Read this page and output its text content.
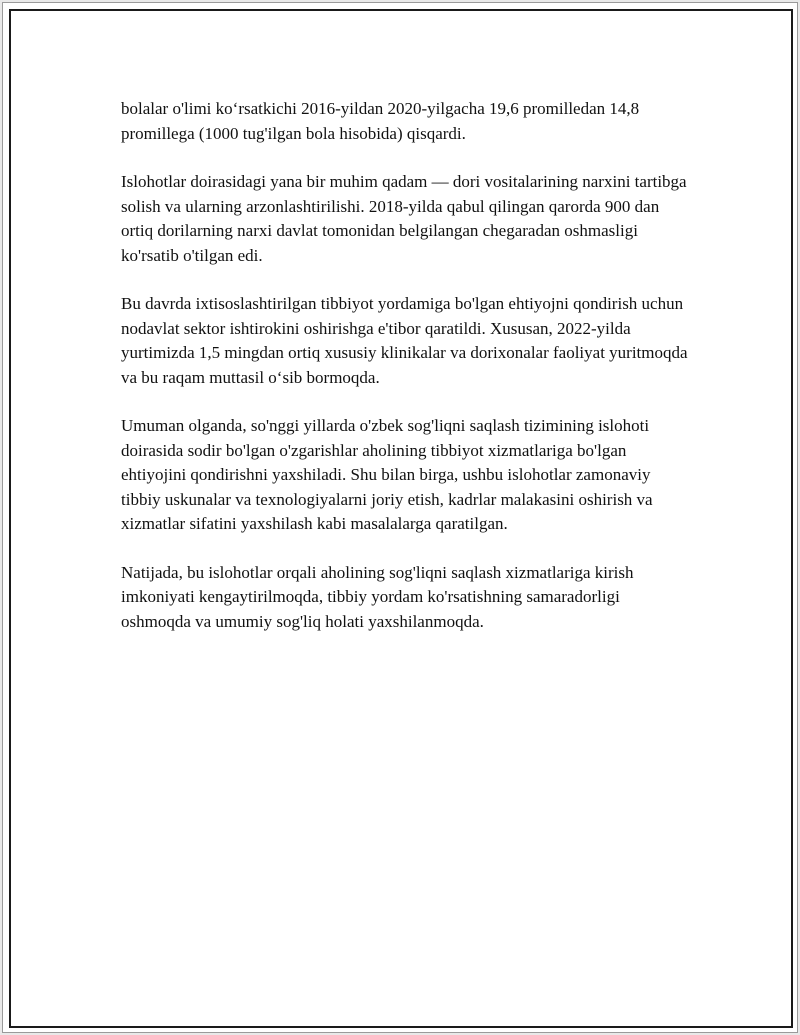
bolalar o'limi ko‘rsatkichi 2016-yildan 2020-yilgacha 19,6 promilledan 14,8 promillega (1000 tug'ilgan bola hisobida) qisqardi.

Islohotlar doirasidagi yana bir muhim qadam — dori vositalarining narxini tartibga solish va ularning arzonlashtirilishi. 2018-yilda qabul qilingan qarorda 900 dan ortiq dorilarning narxi davlat tomonidan belgilangan chegaradan oshmasligi ko'rsatib o'tilgan edi.

Bu davrda ixtisoslashtirilgan tibbiyot yordamiga bo'lgan ehtiyojni qondirish uchun nodavlat sektor ishtirokini oshirishga e'tibor qaratildi. Xususan, 2022-yilda yurtimizda 1,5 mingdan ortiq xususiy klinikalar va dorixonalar faoliyat yuritmoqda va bu raqam muttasil o‘sib bormoqda.

Umuman olganda, so'nggi yillarda o'zbek sog'liqni saqlash tizimining islohoti doirasida sodir bo'lgan o'zgarishlar aholining tibbiyot xizmatlariga bo'lgan ehtiyojini qondirishni yaxshiladi. Shu bilan birga, ushbu islohotlar zamonaviy tibbiy uskunalar va texnologiyalarni joriy etish, kadrlar malakasini oshirish va xizmatlar sifatini yaxshilash kabi masalalarga qaratilgan.

Natijada, bu islohotlar orqali aholining sog'liqni saqlash xizmatlariga kirish imkoniyati kengaytirilmoqda, tibbiy yordam ko'rsatishning samaradorligi oshmoqda va umumiy sog'liq holati yaxshilanmoqda.
